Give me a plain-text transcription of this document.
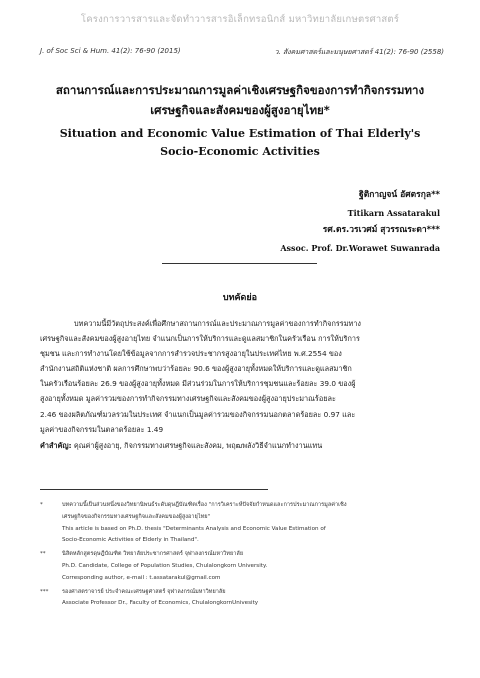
โครงการวารสารและจัดทำวารสารอิเล็กทรอนิกส์ มหาวิทยาลัยเกษตรศาสตร์
J. of Soc Sci & Hum. 41(2): 76-90 (2015)	ว. สังคมศาสตร์และมนุษยศาสตร์ 41(2): 76-90 (2558)
สถานการณ์และการประมาณการมูลค่าเชิงเศรษฐกิจของการทำกิจกรรมทาง
เศรษฐกิจและสังคมของผู้สูงอายุไทย*
Situation and Economic Value Estimation of Thai Elderly's
Socio-Economic Activities
ฐิติกาญจน์ อัศตรกุล**
Titikarn Assatarakul
รศ.ดร.วรเวศม์ สุวรรณระดา***
Assoc. Prof. Dr.Worawet Suwanrada
บทคัดย่อ
บทความนี้มีวัตถุประสงค์เพื่อศึกษาสถานการณ์และประมาณการมูลค่าของการทำกิจกรรมทาง
เศรษฐกิจและสังคมของผู้สูงอายุไทย จำแนกเป็นการให้บริการและดูแลสมาชิกในครัวเรือน การให้บริการ
ชุมชน และการทำงานโดยใช้ข้อมูลจากการสำรวจประชากรสูงอายุในประเทศไทย พ.ศ.2554 ของ
สำนักงานสถิติแห่งชาติ ผลการศึกษาพบว่าร้อยละ 90.6 ของผู้สูงอายุทั้งหมดให้บริการและดูแลสมาชิก
ในครัวเรือนร้อยละ 26.9 ของผู้สูงอายุทั้งหมด มีส่วนร่วมในการให้บริการชุมชนและร้อยละ 39.0 ของผู้
สูงอายุทั้งหมด มูลค่ารวมของการทำกิจกรรมทางเศรษฐกิจและสังคมของผู้สูงอายุประมาณร้อยละ
2.46 ของผลิตภัณฑ์มวลรวมในประเทศ จำแนกเป็นมูลค่ารวมของกิจกรรมนอกตลาดร้อยละ 0.97 และ
มูลค่าของกิจกรรมในตลาดร้อยละ 1.49
คำสำคัญ: คุณค่าผู้สูงอายุ, กิจกรรมทางเศรษฐกิจและสังคม, พฤฒพลังวิธีจำแนกทำงานแทน
*	บทความนี้เป็นส่วนหนึ่งของวิทยานิพนธ์ระดับดุษฎีบัณฑิตเรื่อง "การวิเคราะห์ปัจจัยกำหนดและการประมาณการมูลค่าเชิง
เศรษฐกิจของกิจกรรมทางเศรษฐกิจและสังคมของผู้สูงอายุไทย"
This article is based on Ph.D. thesis "Determinants Analysis and Economic Value Estimation of
Socio-Economic Activities of Elderly in Thailand".
**	นิสิตหลักสูตรดุษฎีบัณฑิต วิทยาลัยประชากรศาสตร์ จุฬาลงกรณ์มหาวิทยาลัย
Ph.D. Candidate, College of Population Studies, Chulalongkorn University.
Corresponding author, e-mail : t.assatarakul@gmail.com
***	รองศาสตราจารย์ ประจำคณะเศรษฐศาสตร์ จุฬาลงกรณ์มหาวิทยาลัย
Associate Professor Dr., Faculty of Economics, ChulalongkornUnivesity
